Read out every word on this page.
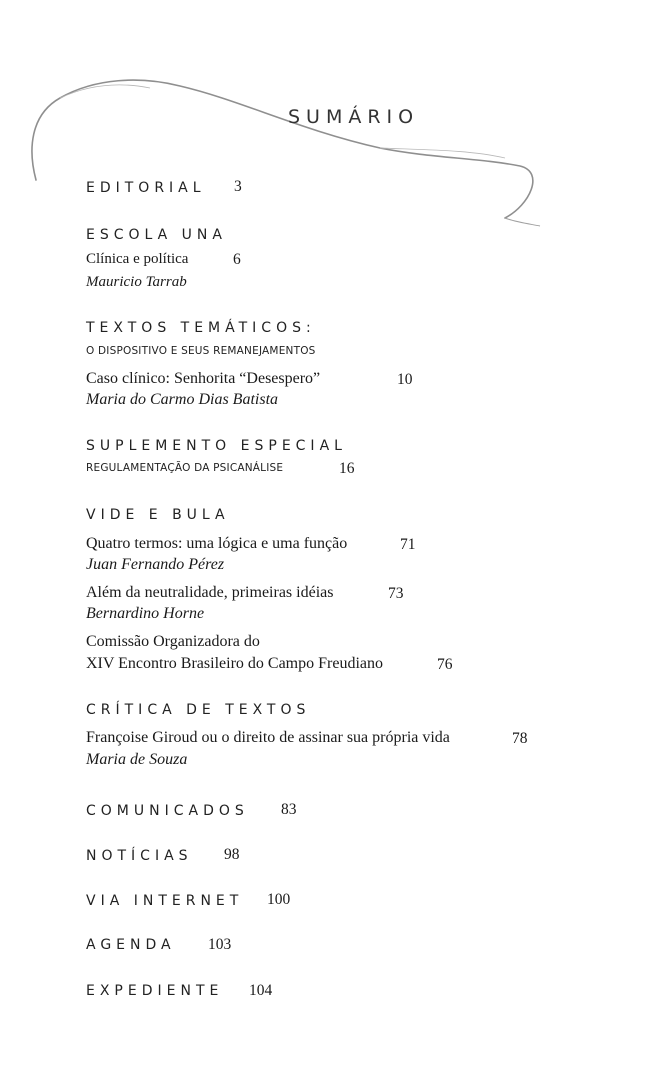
SUMÁRIO
EDITORIAL 3
ESCOLA UNA
Clínica e política	6
Mauricio Tarrab
TEXTOS TEMÁTICOS:
O DISPOSITIVO E SEUS REMANEJAMENTOS
Caso clínico: Senhorita “Desespero”	10
Maria do Carmo Dias Batista
SUPLEMENTO ESPECIAL
REGULAMENTAÇÃO DA PSICANÁLISE	16
VIDE E BULA
Quatro termos: uma lógica e uma função	71
Juan Fernando Pérez
Além da neutralidade, primeiras idéias	73
Bernardino Horne
Comissão Organizadora do
XIV Encontro Brasileiro do Campo Freudiano	76
CRÍTICA DE TEXTOS
Françoise Giroud ou o direito de assinar sua própria vida	78
Maria de Souza
COMUNICADOS 83
NOTÍCIAS 98
VIA INTERNET 100
AGENDA 103
EXPEDIENTE 104
